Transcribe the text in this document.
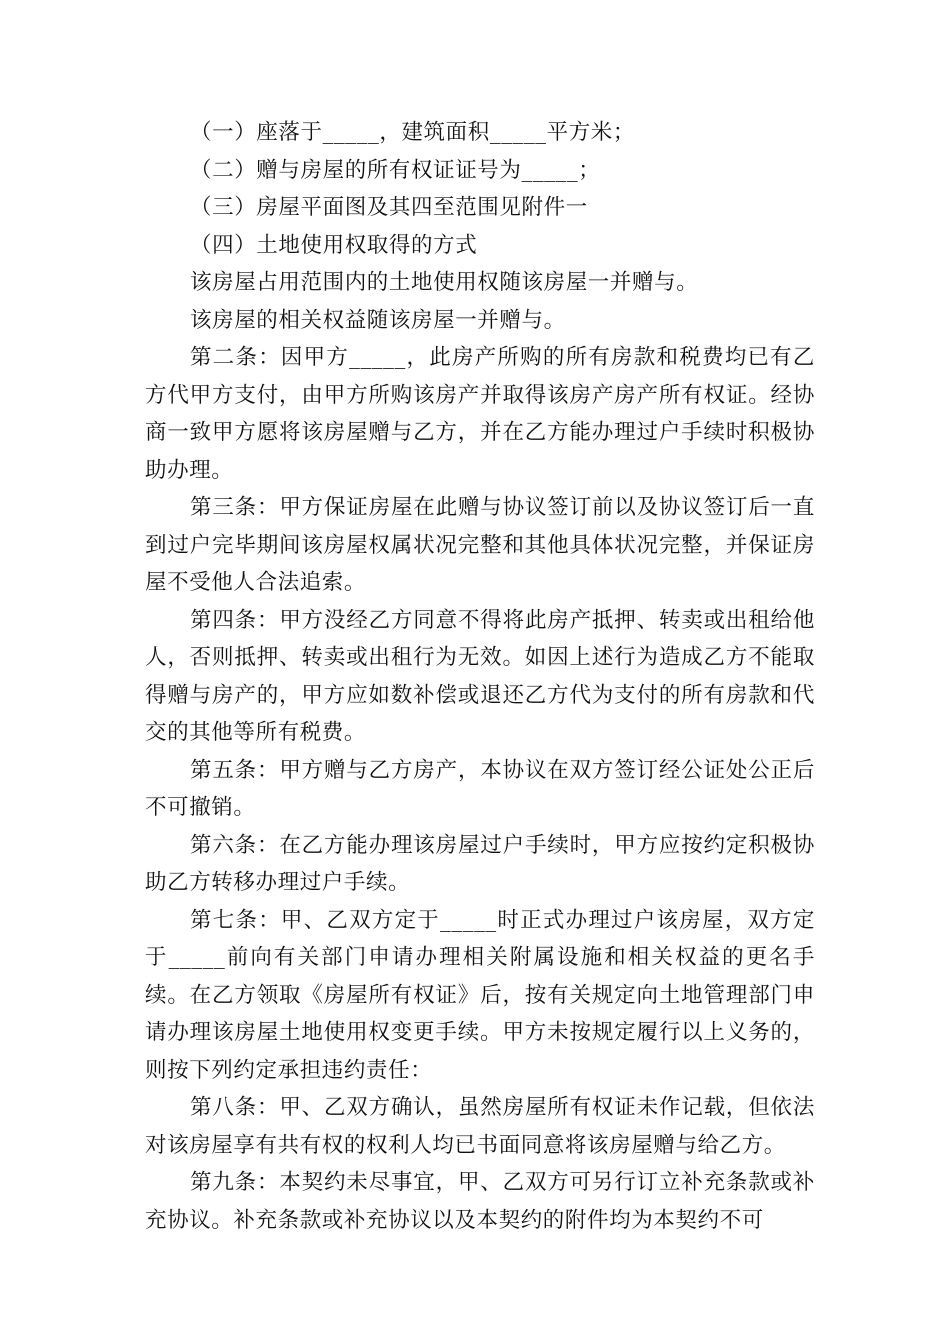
（一）座落于_____，建筑面积_____平方米；

（二）赠与房屋的所有权证证号为_____；

（三）房屋平面图及其四至范围见附件一

（四）土地使用权取得的方式

该房屋占用范围内的土地使用权随该房屋一并赠与。

该房屋的相关权益随该房屋一并赠与。

第二条：因甲方_____，此房产所购的所有房款和税费均已有乙方代甲方支付，由甲方所购该房产并取得该房产房产所有权证。经协商一致甲方愿将该房屋赠与乙方，并在乙方能办理过户手续时积极协助办理。

第三条：甲方保证房屋在此赠与协议签订前以及协议签订后一直到过户完毕期间该房屋权属状况完整和其他具体状况完整，并保证房屋不受他人合法追索。

第四条：甲方没经乙方同意不得将此房产抵押、转卖或出租给他人，否则抵押、转卖或出租行为无效。如因上述行为造成乙方不能取得赠与房产的，甲方应如数补偿或退还乙方代为支付的所有房款和代交的其他等所有税费。

第五条：甲方赠与乙方房产，本协议在双方签订经公证处公正后不可撤销。

第六条：在乙方能办理该房屋过户手续时，甲方应按约定积极协助乙方转移办理过户手续。

第七条：甲、乙双方定于_____时正式办理过户该房屋，双方定于_____前向有关部门申请办理相关附属设施和相关权益的更名手续。在乙方领取《房屋所有权证》后，按有关规定向土地管理部门申请办理该房屋土地使用权变更手续。甲方未按规定履行以上义务的，则按下列约定承担违约责任：

第八条：甲、乙双方确认，虽然房屋所有权证未作记载，但依法对该房屋享有共有权的权利人均已书面同意将该房屋赠与给乙方。

第九条：本契约未尽事宜，甲、乙双方可另行订立补充条款或补充协议。补充条款或补充协议以及本契约的附件均为本契约不可
